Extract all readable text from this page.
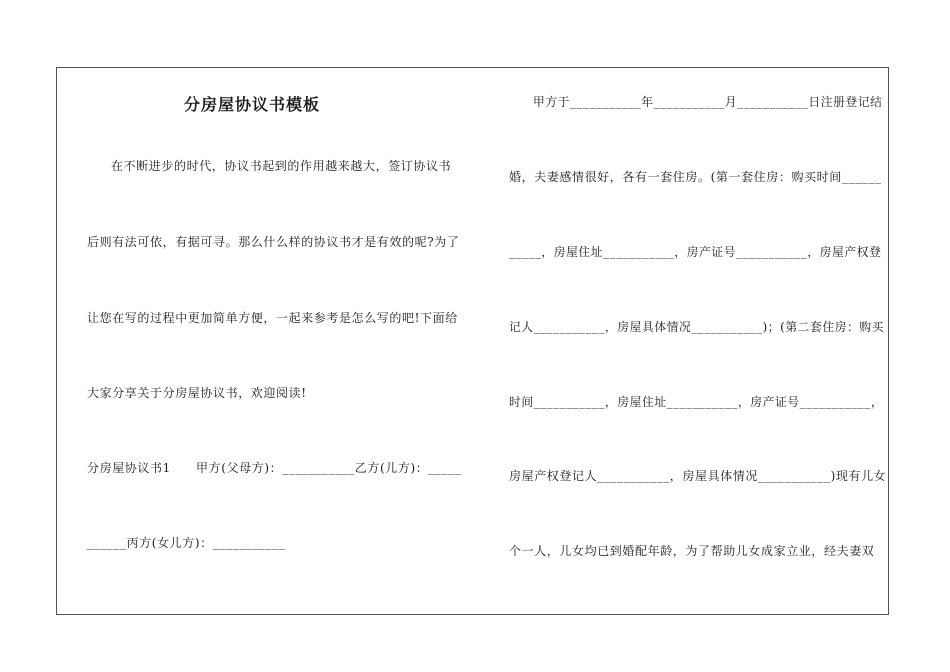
分房屋协议书模板
在不断进步的时代，协议书起到的作用越来越大，签订协议书
后则有法可依，有据可寻。那么什么样的协议书才是有效的呢?为了
让您在写的过程中更加简单方便，一起来参考是怎么写的吧!下面给
大家分享关于分房屋协议书，欢迎阅读!
分房屋协议书1　　甲方(父母方)：___________乙方(儿方)：_____
______丙方(女儿方)：___________
甲方于___________年___________月___________日注册登记结
婚，夫妻感情很好，各有一套住房。(第一套住房：购买时间______
_____，房屋住址___________，房产证号___________，房屋产权登
记人___________，房屋具体情况___________)；(第二套住房：购买
时间___________，房屋住址___________，房产证号___________，
房屋产权登记人___________，房屋具体情况___________)现有儿女
个一人，儿女均已到婚配年龄，为了帮助儿女成家立业，经夫妻双
